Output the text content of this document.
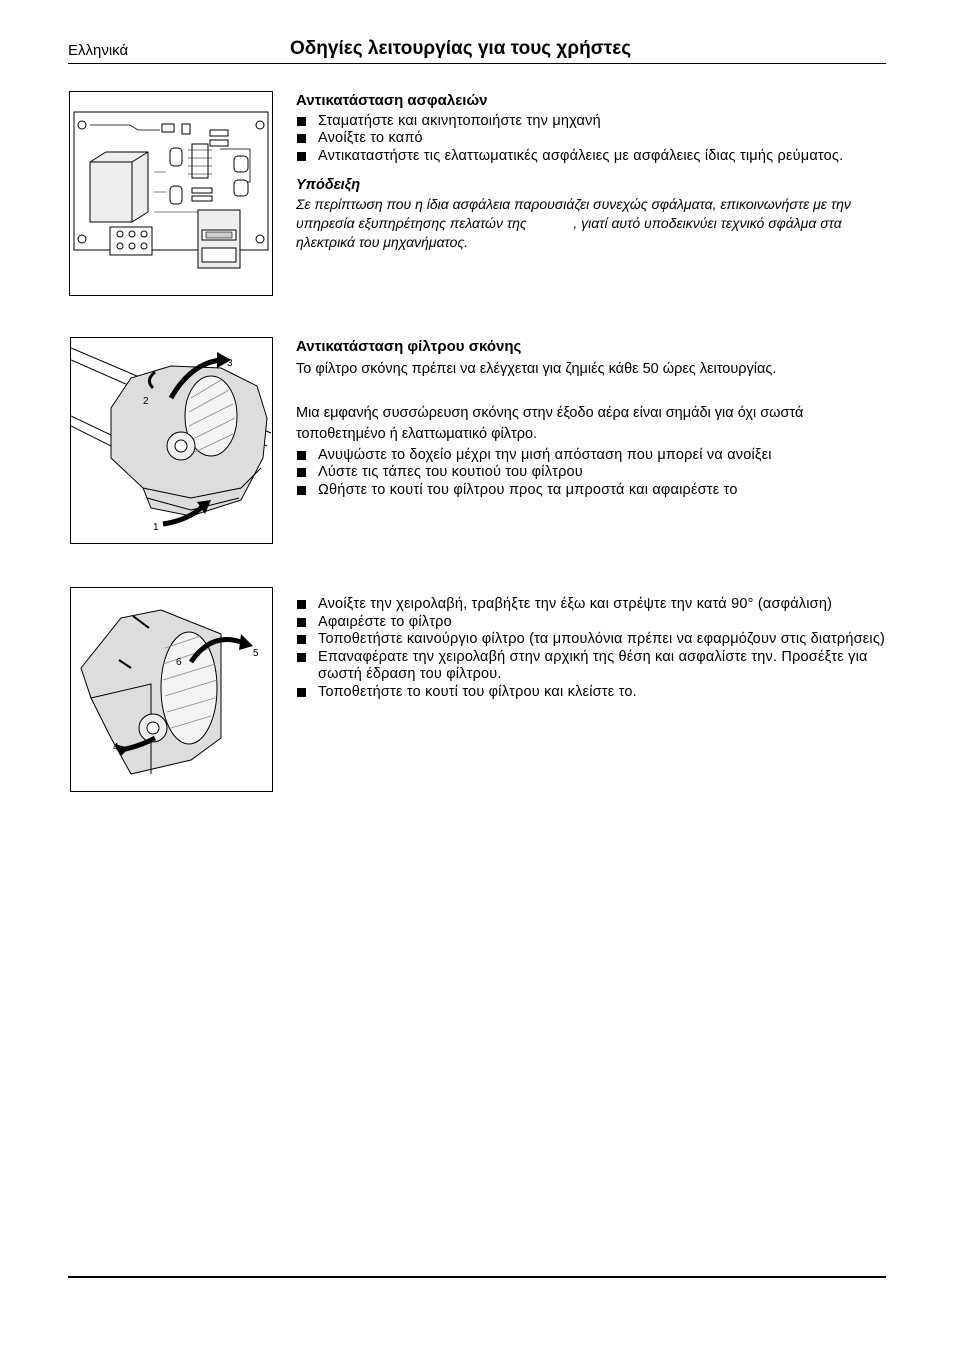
Ελληνικά	Οδηγίες λειτουργίας για τους χρήστες
Αντικατάσταση ασφαλειών
Σταματήστε και ακινητοποιήστε την μηχανή
Ανοίξτε το καπό
Αντικαταστήστε τις ελαττωματικές ασφάλειες με ασφάλειες ίδιας τιμής ρεύματος.
Υπόδειξη
Σε περίπτωση που η ίδια ασφάλεια παρουσιάζει συνεχώς σφάλματα, επικοινωνήστε με την υπηρεσία εξυπηρέτησης πελατών της            , γιατί αυτό υποδεικνύει τεχνικό σφάλμα στα ηλεκτρικά του μηχανήματος.
3
2
1
Αντικατάσταση φίλτρου σκόνης

Το φίλτρο σκόνης πρέπει να ελέγχεται για ζημιές κάθε 50 ώρες λειτουργίας.

Μια εμφανής συσσώρευση σκόνης στην έξοδο αέρα είναι σημάδι για όχι σωστά τοποθετημένο ή ελαττωματικό φίλτρο.

Ανυψώστε το δοχείο μέχρι την μισή απόσταση που μπορεί να ανοίξει
Λύστε τις τάπες του κουτιού του φίλτρου
Ωθήστε το κουτί του φίλτρου προς τα μπροστά και αφαιρέστε το
5
6
4
Ανοίξτε την χειρολαβή, τραβήξτε την έξω και στρέψτε την κατά 90° (ασφάλιση)
Αφαιρέστε το φίλτρο
Τοποθετήστε καινούργιο φίλτρο (τα μπουλόνια πρέπει να εφαρμόζουν στις διατρήσεις)
Επαναφέρατε την χειρολαβή στην αρχική της θέση και ασφαλίστε την. Προσέξτε για σωστή έδραση του φίλτρου.
Τοποθετήστε το κουτί του φίλτρου και κλείστε το.
